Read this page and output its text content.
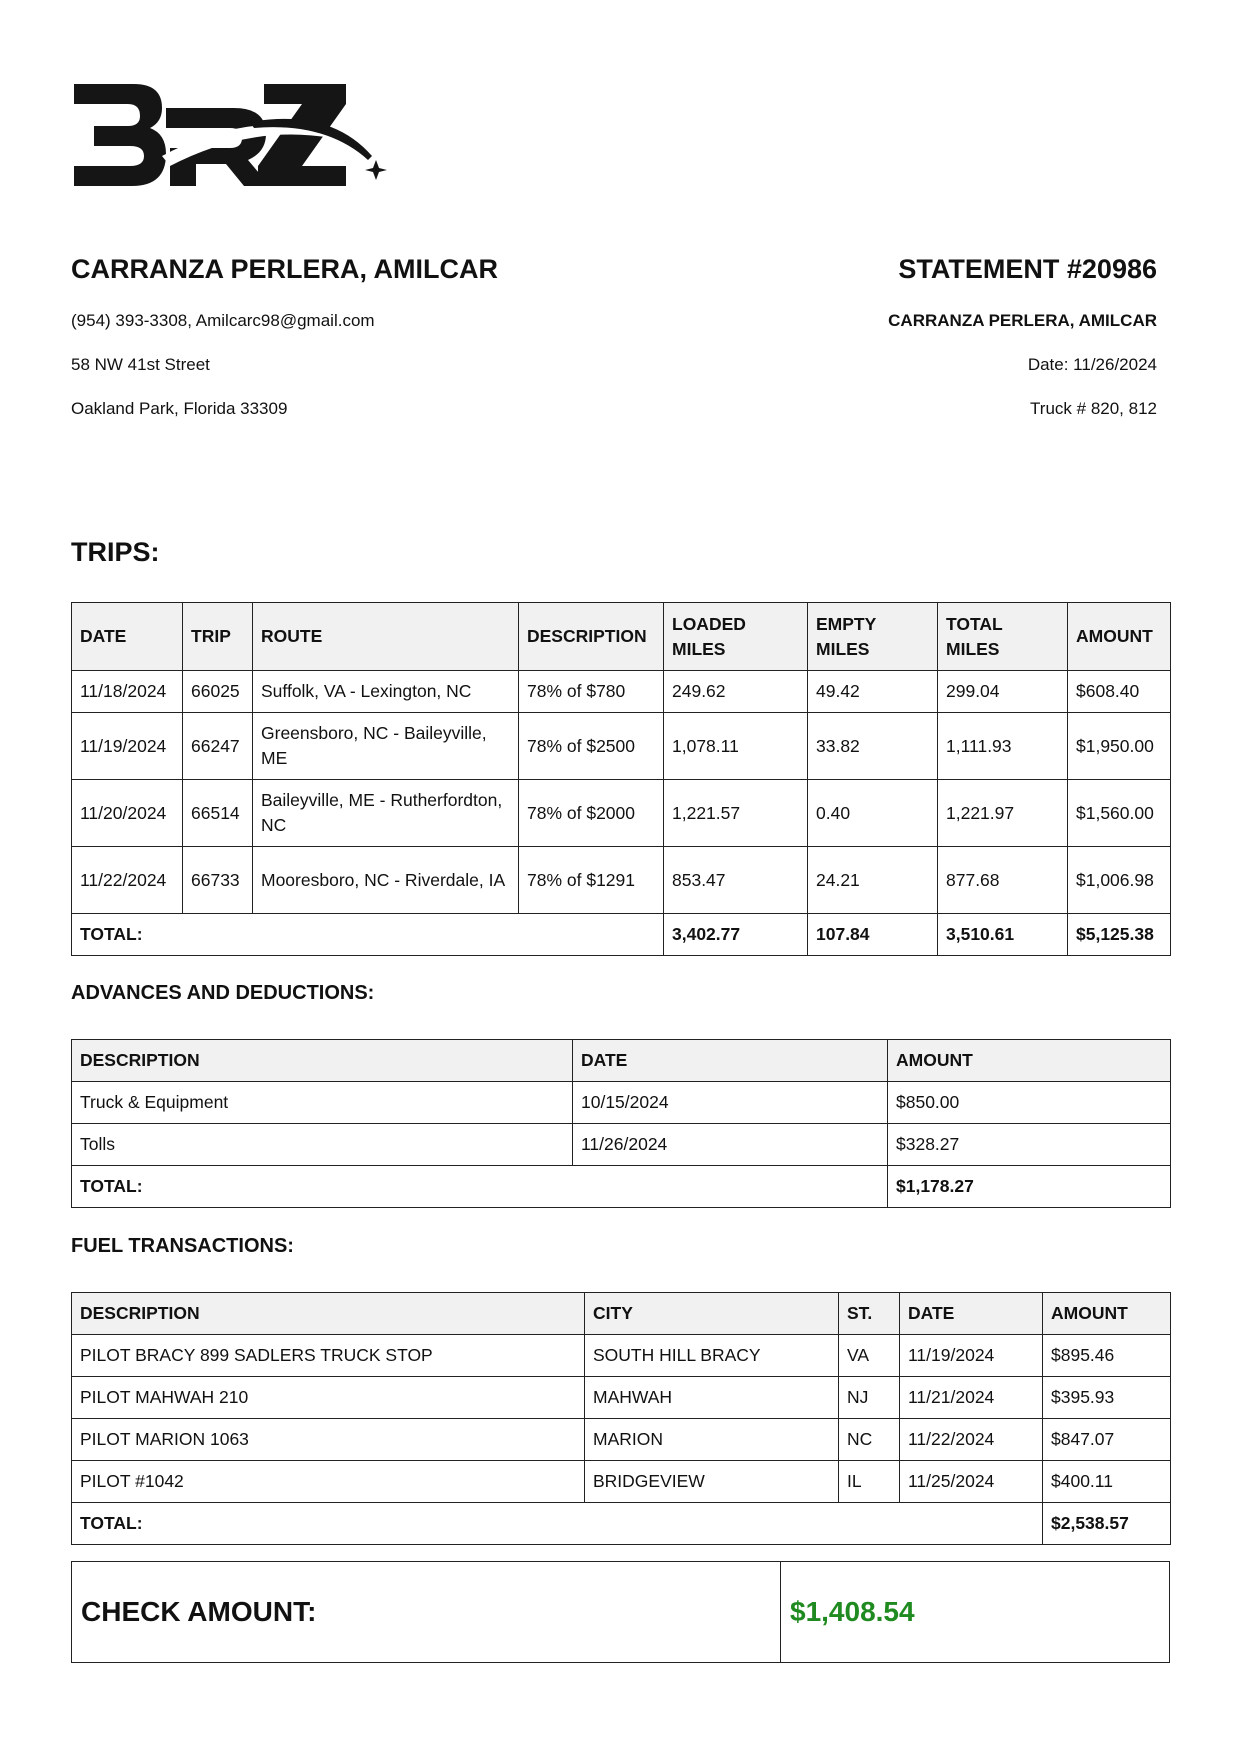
CARRANZA PERLERA, AMILCAR
(954) 393-3308, Amilcarc98@gmail.com
58 NW 41st Street
Oakland Park, Florida 33309
STATEMENT #20986
CARRANZA PERLERA, AMILCAR
Date: 11/26/2024
Truck # 820, 812
TRIPS:
DATE	TRIP	ROUTE	DESCRIPTION	LOADED MILES	EMPTY MILES	TOTAL MILES	AMOUNT
11/18/2024	66025	Suffolk, VA - Lexington, NC	78% of $780	249.62	49.42	299.04	$608.40
11/19/2024	66247	Greensboro, NC - Baileyville, ME	78% of $2500	1,078.11	33.82	1,111.93	$1,950.00
11/20/2024	66514	Baileyville, ME - Rutherfordton, NC	78% of $2000	1,221.57	0.40	1,221.97	$1,560.00
11/22/2024	66733	Mooresboro, NC - Riverdale, IA	78% of $1291	853.47	24.21	877.68	$1,006.98
TOTAL:				3,402.77	107.84	3,510.61	$5,125.38
ADVANCES AND DEDUCTIONS:
DESCRIPTION	DATE	AMOUNT
Truck & Equipment	10/15/2024	$850.00
Tolls	11/26/2024	$328.27
TOTAL:		$1,178.27
FUEL TRANSACTIONS:
DESCRIPTION	CITY	ST.	DATE	AMOUNT
PILOT BRACY 899 SADLERS TRUCK STOP	SOUTH HILL BRACY	VA	11/19/2024	$895.46
PILOT MAHWAH 210	MAHWAH	NJ	11/21/2024	$395.93
PILOT MARION 1063	MARION	NC	11/22/2024	$847.07
PILOT #1042	BRIDGEVIEW	IL	11/25/2024	$400.11
TOTAL:				$2,538.57
CHECK AMOUNT:	$1,408.54
